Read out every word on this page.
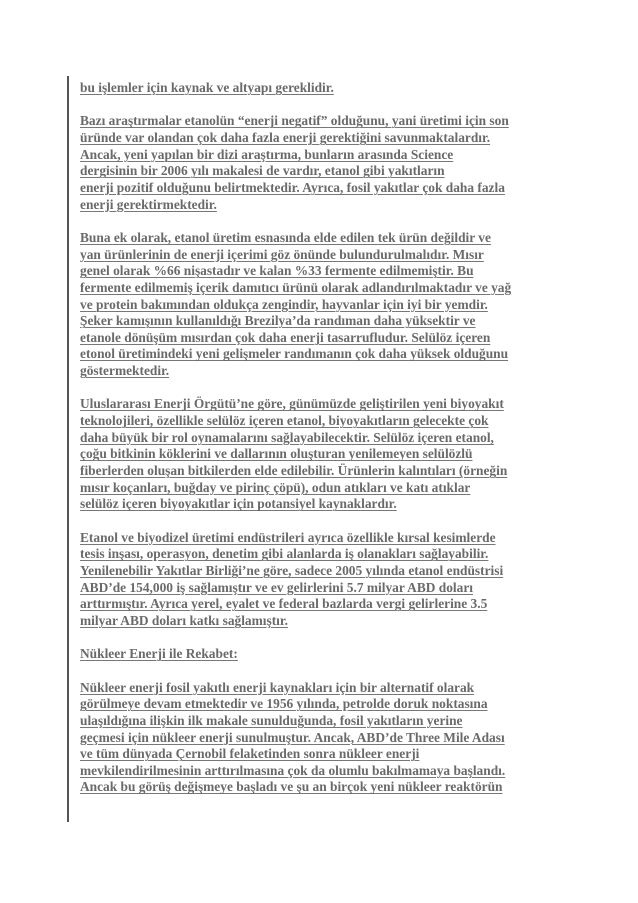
bu işlemler için kaynak ve altyapı gereklidir.
Bazı araştırmalar etanolün “enerji negatif” olduğunu, yani üretimi için son
üründe var olandan çok daha fazla enerji gerektiğini savunmaktalardır.
Ancak, yeni yapılan bir dizi araştırma, bunların arasında Science
dergisinin bir 2006 yılı makalesi de vardır, etanol gibi yakıtların
enerji pozitif olduğunu belirtmektedir. Ayrıca, fosil yakıtlar çok daha fazla
enerji gerektirmektedir.
Buna ek olarak, etanol üretim esnasında elde edilen tek ürün değildir ve
yan ürünlerinin de enerji içerimi göz önünde bulundurulmalıdır. Mısır
genel olarak %66 nişastadır ve kalan %33 fermente edilmemiştir. Bu
fermente edilmemiş içerik damıtıcı ürünü olarak adlandırılmaktadır ve yağ
ve protein bakımından oldukça zengindir, hayvanlar için iyi bir yemdir.
Şeker kamışının kullanıldığı Brezilya’da randıman daha yüksektir ve
etanole dönüşüm mısırdan çok daha enerji tasarrufludur. Selülöz içeren
etonol üretimindeki yeni gelişmeler randımanın çok daha yüksek olduğunu
göstermektedir.
Uluslararası Enerji Örgütü’ne göre, günümüzde geliştirilen yeni biyoyakıt
teknolojileri, özellikle selülöz içeren etanol, biyoyakıtların gelecekte çok
daha büyük bir rol oynamalarını sağlayabilecektir. Selülöz içeren etanol,
çoğu bitkinin köklerini ve dallarının oluşturan yenilemeyen selülözlü
fiberlerden oluşan bitkilerden elde edilebilir. Ürünlerin kalıntıları (örneğin
mısır koçanları, buğday ve pirinç çöpü), odun atıkları ve katı atıklar
selülöz içeren biyoyakıtlar için potansiyel kaynaklardır.
Etanol ve biyodizel üretimi endüstrileri ayrıca özellikle kırsal kesimlerde
tesis inşası, operasyon, denetim gibi alanlarda iş olanakları sağlayabilir.
Yenilenebilir Yakıtlar Birliği’ne göre, sadece 2005 yılında etanol endüstrisi
ABD’de 154,000 iş sağlamıştır ve ev gelirlerini 5.7 milyar ABD doları
arttırmıştır. Ayrıca yerel, eyalet ve federal bazlarda vergi gelirlerine 3.5
milyar ABD doları katkı sağlamıştır.
Nükleer Enerji ile Rekabet:
Nükleer enerji fosil yakıtlı enerji kaynakları için bir alternatif olarak
görülmeye devam etmektedir ve 1956 yılında, petrolde doruk noktasına
ulaşıldığına ilişkin ilk makale sunulduğunda, fosil yakıtların yerine
geçmesi için nükleer enerji sunulmuştur. Ancak, ABD’de Three Mile Adası
ve tüm dünyada Çernobil felaketinden sonra nükleer enerji
mevkilendirilmesinin arttırılmasına çok da olumlu bakılmamaya başlandı.
Ancak bu görüş değişmeye başladı ve şu an birçok yeni nükleer reaktörün
